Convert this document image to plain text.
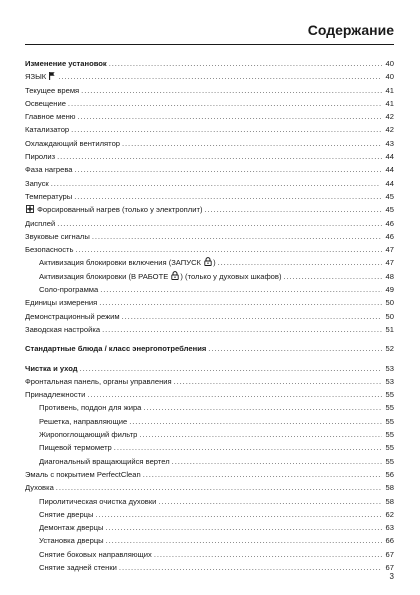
Содержание
Изменение установок . . .	40
ЯЗЫК . . .	40
Текущее время . . .	41
Освещение . . .	41
Главное меню . . .	42
Катализатор . . .	42
Охлаждающий вентилятор . . .	43
Пиролиз . . .	44
Фаза нагрева . . .	44
Запуск . . .	44
Температуры . . .	45
Форсированный нагрев (только у электроплит) . . .	45
Дисплей . . .	46
Звуковые сигналы . . .	46
Безопасность . . .	47
Активизация блокировки включения (ЗАПУСК ) . . .	47
Активизация блокировки (В РАБОТЕ ) (только у духовых шкафов) . . .	48
Соло-программа . . .	49
Единицы измерения . . .	50
Демонстрационный режим . . .	50
Заводская настройка . . .	51
Стандартные блюда / класс энергопотребления . . .	52
Чистка и уход . . .	53
Фронтальная панель, органы управления . . .	53
Принадлежности . . .	55
Противень, поддон для жира . . .	55
Решетка, направляющие . . .	55
Жиропоглощающий фильтр . . .	55
Пищевой термометр . . .	55
Диагональный вращающийся вертел . . .	55
Эмаль с покрытием PerfectClean . . .	56
Духовка . . .	58
Пиролитическая очистка духовки . . .	58
Снятие дверцы . . .	62
Демонтаж дверцы . . .	63
Установка дверцы . . .	66
Снятие боковых направляющих . . .	67
Снятие задней стенки . . .	67
3
